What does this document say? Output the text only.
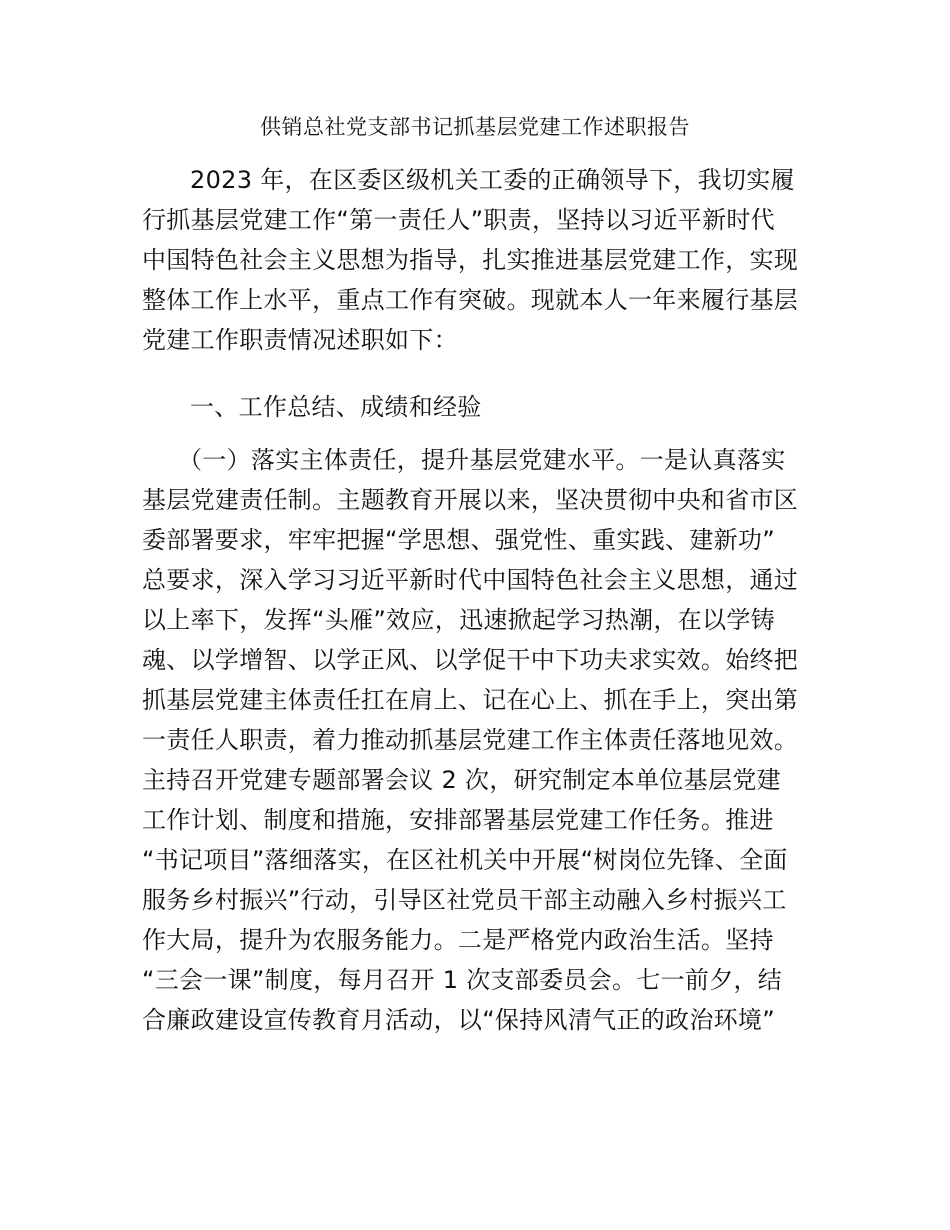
供销总社党支部书记抓基层党建工作述职报告
2023 年，在区委区级机关工委的正确领导下，我切实履
行抓基层党建工作“第一责任人”职责，坚持以习近平新时代
中国特色社会主义思想为指导，扎实推进基层党建工作，实现
整体工作上水平，重点工作有突破。现就本人一年来履行基层
党建工作职责情况述职如下：
一、工作总结、成绩和经验
（一）落实主体责任，提升基层党建水平。一是认真落实
基层党建责任制。主题教育开展以来，坚决贯彻中央和省市区
委部署要求，牢牢把握“学思想、强党性、重实践、建新功”
总要求，深入学习习近平新时代中国特色社会主义思想，通过
以上率下，发挥“头雁”效应，迅速掀起学习热潮，在以学铸
魂、以学增智、以学正风、以学促干中下功夫求实效。始终把
抓基层党建主体责任扛在肩上、记在心上、抓在手上，突出第
一责任人职责，着力推动抓基层党建工作主体责任落地见效。
主持召开党建专题部署会议 2 次，研究制定本单位基层党建
工作计划、制度和措施，安排部署基层党建工作任务。推进
“书记项目”落细落实，在区社机关中开展“树岗位先锋、全面
服务乡村振兴”行动，引导区社党员干部主动融入乡村振兴工
作大局，提升为农服务能力。二是严格党内政治生活。坚持
“三会一课”制度，每月召开 1 次支部委员会。七一前夕，结
合廉政建设宣传教育月活动，以“保持风清气正的政治环境”
